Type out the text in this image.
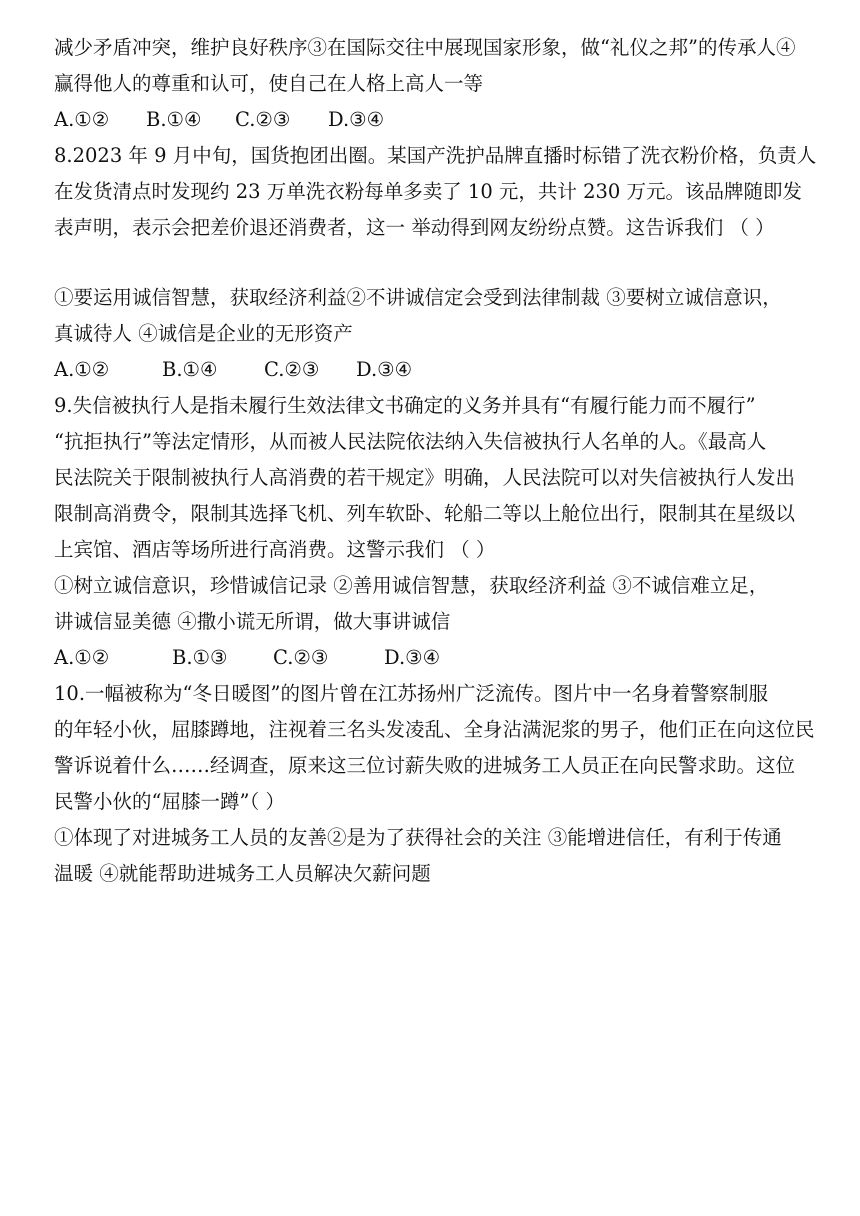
减少矛盾冲突，维护良好秩序③在国际交往中展现国家形象，做“礼仪之邦”的传承人④
赢得他人的尊重和认可，使自己在人格上高人一等
A.①② B.①④ C.②③ D.③④
8.2023 年 9 月中旬，国货抱团出圈。某国产洗护品牌直播时标错了洗衣粉价格，负责人
在发货清点时发现约 23 万单洗衣粉每单多卖了 10 元，共计 230 万元。该品牌随即发
表声明，表示会把差价退还消费者，这一 举动得到网友纷纷点赞。这告诉我们 （ ）
①要运用诚信智慧，获取经济利益②不讲诚信定会受到法律制裁 ③要树立诚信意识，
真诚待人 ④诚信是企业的无形资产
A.①②	B.①④ C.②③ D.③④
9.失信被执行人是指未履行生效法律文书确定的义务并具有“有履行能力而不履行”
“抗拒执行”等法定情形，从而被人民法院依法纳入失信被执行人名单的人。《最高人
民法院关于限制被执行人高消费的若干规定》明确，人民法院可以对失信被执行人发出
限制高消费令，限制其选择飞机、列车软卧、轮船二等以上舱位出行，限制其在星级以
上宾馆、酒店等场所进行高消费。这警示我们 （ ）
①树立诚信意识，珍惜诚信记录 ②善用诚信智慧，获取经济利益 ③不诚信难立足，
讲诚信显美德 ④撒小谎无所谓，做大事讲诚信
A.①②	B.①③ C.②③	D.③④
10.一幅被称为“冬日暖图”的图片曾在江苏扬州广泛流传。图片中一名身着警察制服
的年轻小伙，屈膝蹲地，注视着三名头发凌乱、全身沾满泥浆的男子，他们正在向这位民
警诉说着什么……经调查，原来这三位讨薪失败的进城务工人员正在向民警求助。这位
民警小伙的“屈膝一蹲”（ ）
①体现了对进城务工人员的友善②是为了获得社会的关注 ③能增进信任，有利于传通
温暖 ④就能帮助进城务工人员解决欠薪问题
